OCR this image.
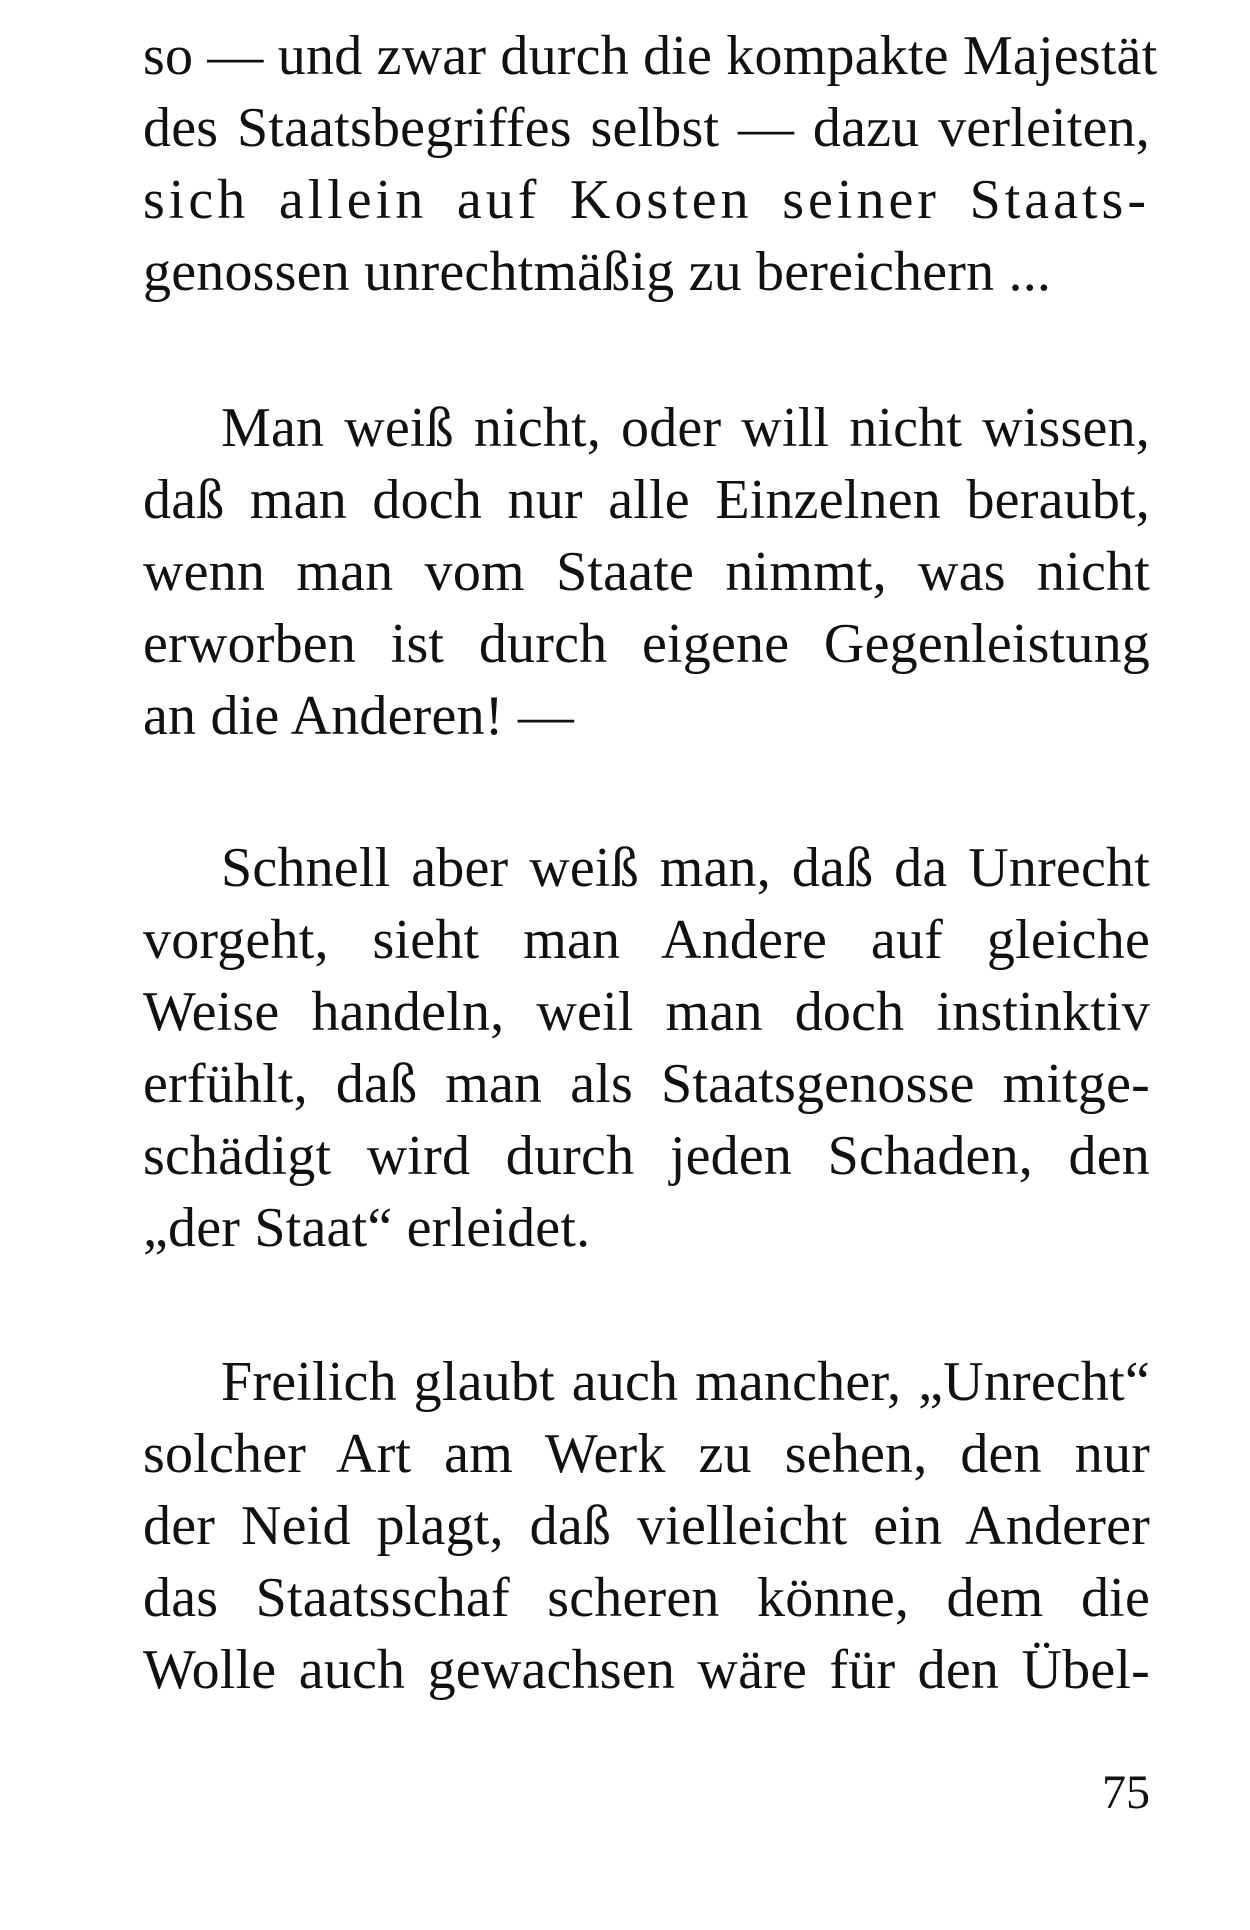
so — und zwar durch die kompakte Majestät
des Staatsbegriffes selbst — dazu verleiten,
sich allein auf Kosten seiner Staats-
genossen unrechtmäßig zu bereichern ...
Man weiß nicht, oder will nicht wissen,
daß man doch nur alle Einzelnen beraubt,
wenn man vom Staate nimmt, was nicht
erworben ist durch eigene Gegenleistung
an die Anderen! —
Schnell aber weiß man, daß da Unrecht
vorgeht, sieht man Andere auf gleiche
Weise handeln, weil man doch instinktiv
erfühlt, daß man als Staatsgenosse mitge-
schädigt wird durch jeden Schaden, den
„der Staat“ erleidet.
Freilich glaubt auch mancher, „Unrecht“
solcher Art am Werk zu sehen, den nur
der Neid plagt, daß vielleicht ein Anderer
das Staatsschaf scheren könne, dem die
Wolle auch gewachsen wäre für den Übel-
75
